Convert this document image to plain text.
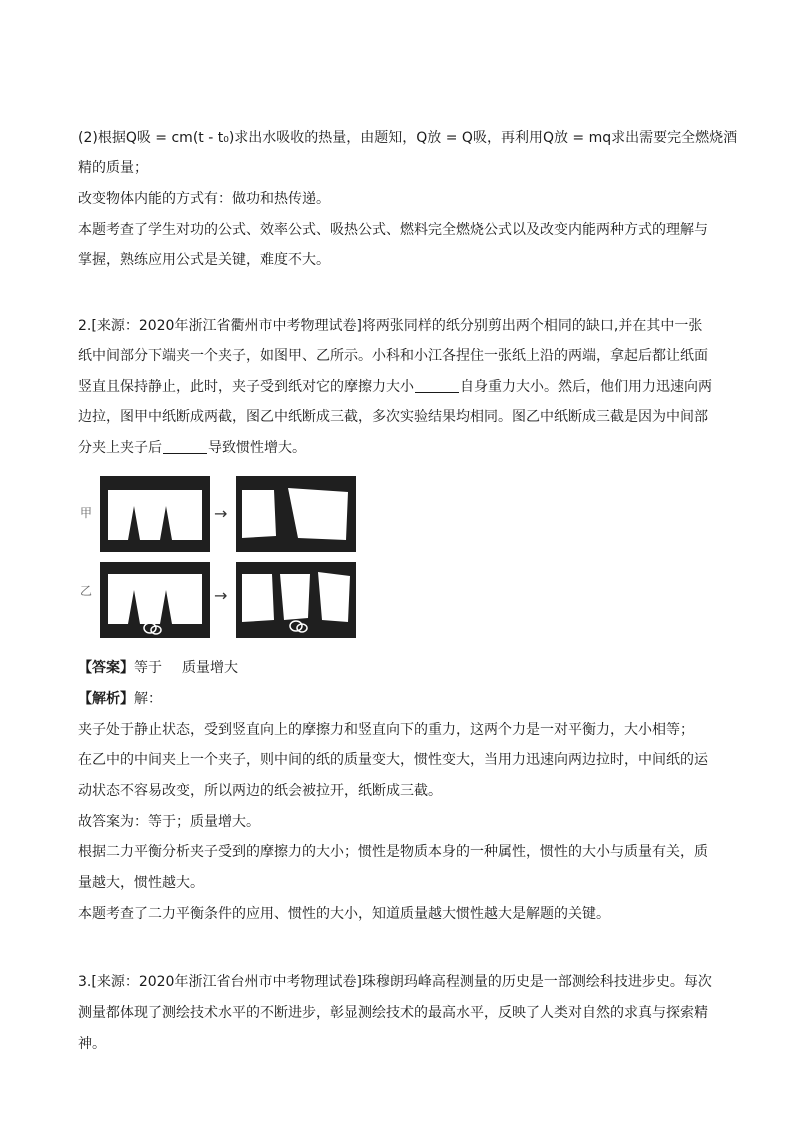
(2)根据Q吸 = cm(t - t₀)求出水吸收的热量，由题知，Q放 = Q吸，再利用Q放 = mq求出需要完全燃烧酒
精的质量；
改变物体内能的方式有：做功和热传递。
本题考查了学生对功的公式、效率公式、吸热公式、燃料完全燃烧公式以及改变内能两种方式的理解与
掌握，熟练应用公式是关键，难度不大。
2.[来源：2020年浙江省衢州市中考物理试卷]将两张同样的纸分别剪出两个相同的缺口,并在其中一张
纸中间部分下端夹一个夹子，如图甲、乙所示。小科和小江各捏住一张纸上沿的两端，拿起后都让纸面
竖直且保持静止，此时，夹子受到纸对它的摩擦力大小	自身重力大小。然后，他们用力迅速向两
边拉，图甲中纸断成两截，图乙中纸断成三截，多次实验结果均相同。图乙中纸断成三截是因为中间部
分夹上夹子后	导致惯性增大。
甲
乙
→
→
【答案】等于 质量增大
【解析】解：
夹子处于静止状态，受到竖直向上的摩擦力和竖直向下的重力，这两个力是一对平衡力，大小相等；
在乙中的中间夹上一个夹子，则中间的纸的质量变大，惯性变大，当用力迅速向两边拉时，中间纸的运
动状态不容易改变，所以两边的纸会被拉开，纸断成三截。
故答案为：等于；质量增大。
根据二力平衡分析夹子受到的摩擦力的大小；惯性是物质本身的一种属性，惯性的大小与质量有关，质
量越大，惯性越大。
本题考查了二力平衡条件的应用、惯性的大小，知道质量越大惯性越大是解题的关键。
3.[来源：2020年浙江省台州市中考物理试卷]珠穆朗玛峰高程测量的历史是一部测绘科技进步史。每次
测量都体现了测绘技术水平的不断进步，彰显测绘技术的最高水平，反映了人类对自然的求真与探索精
神。
